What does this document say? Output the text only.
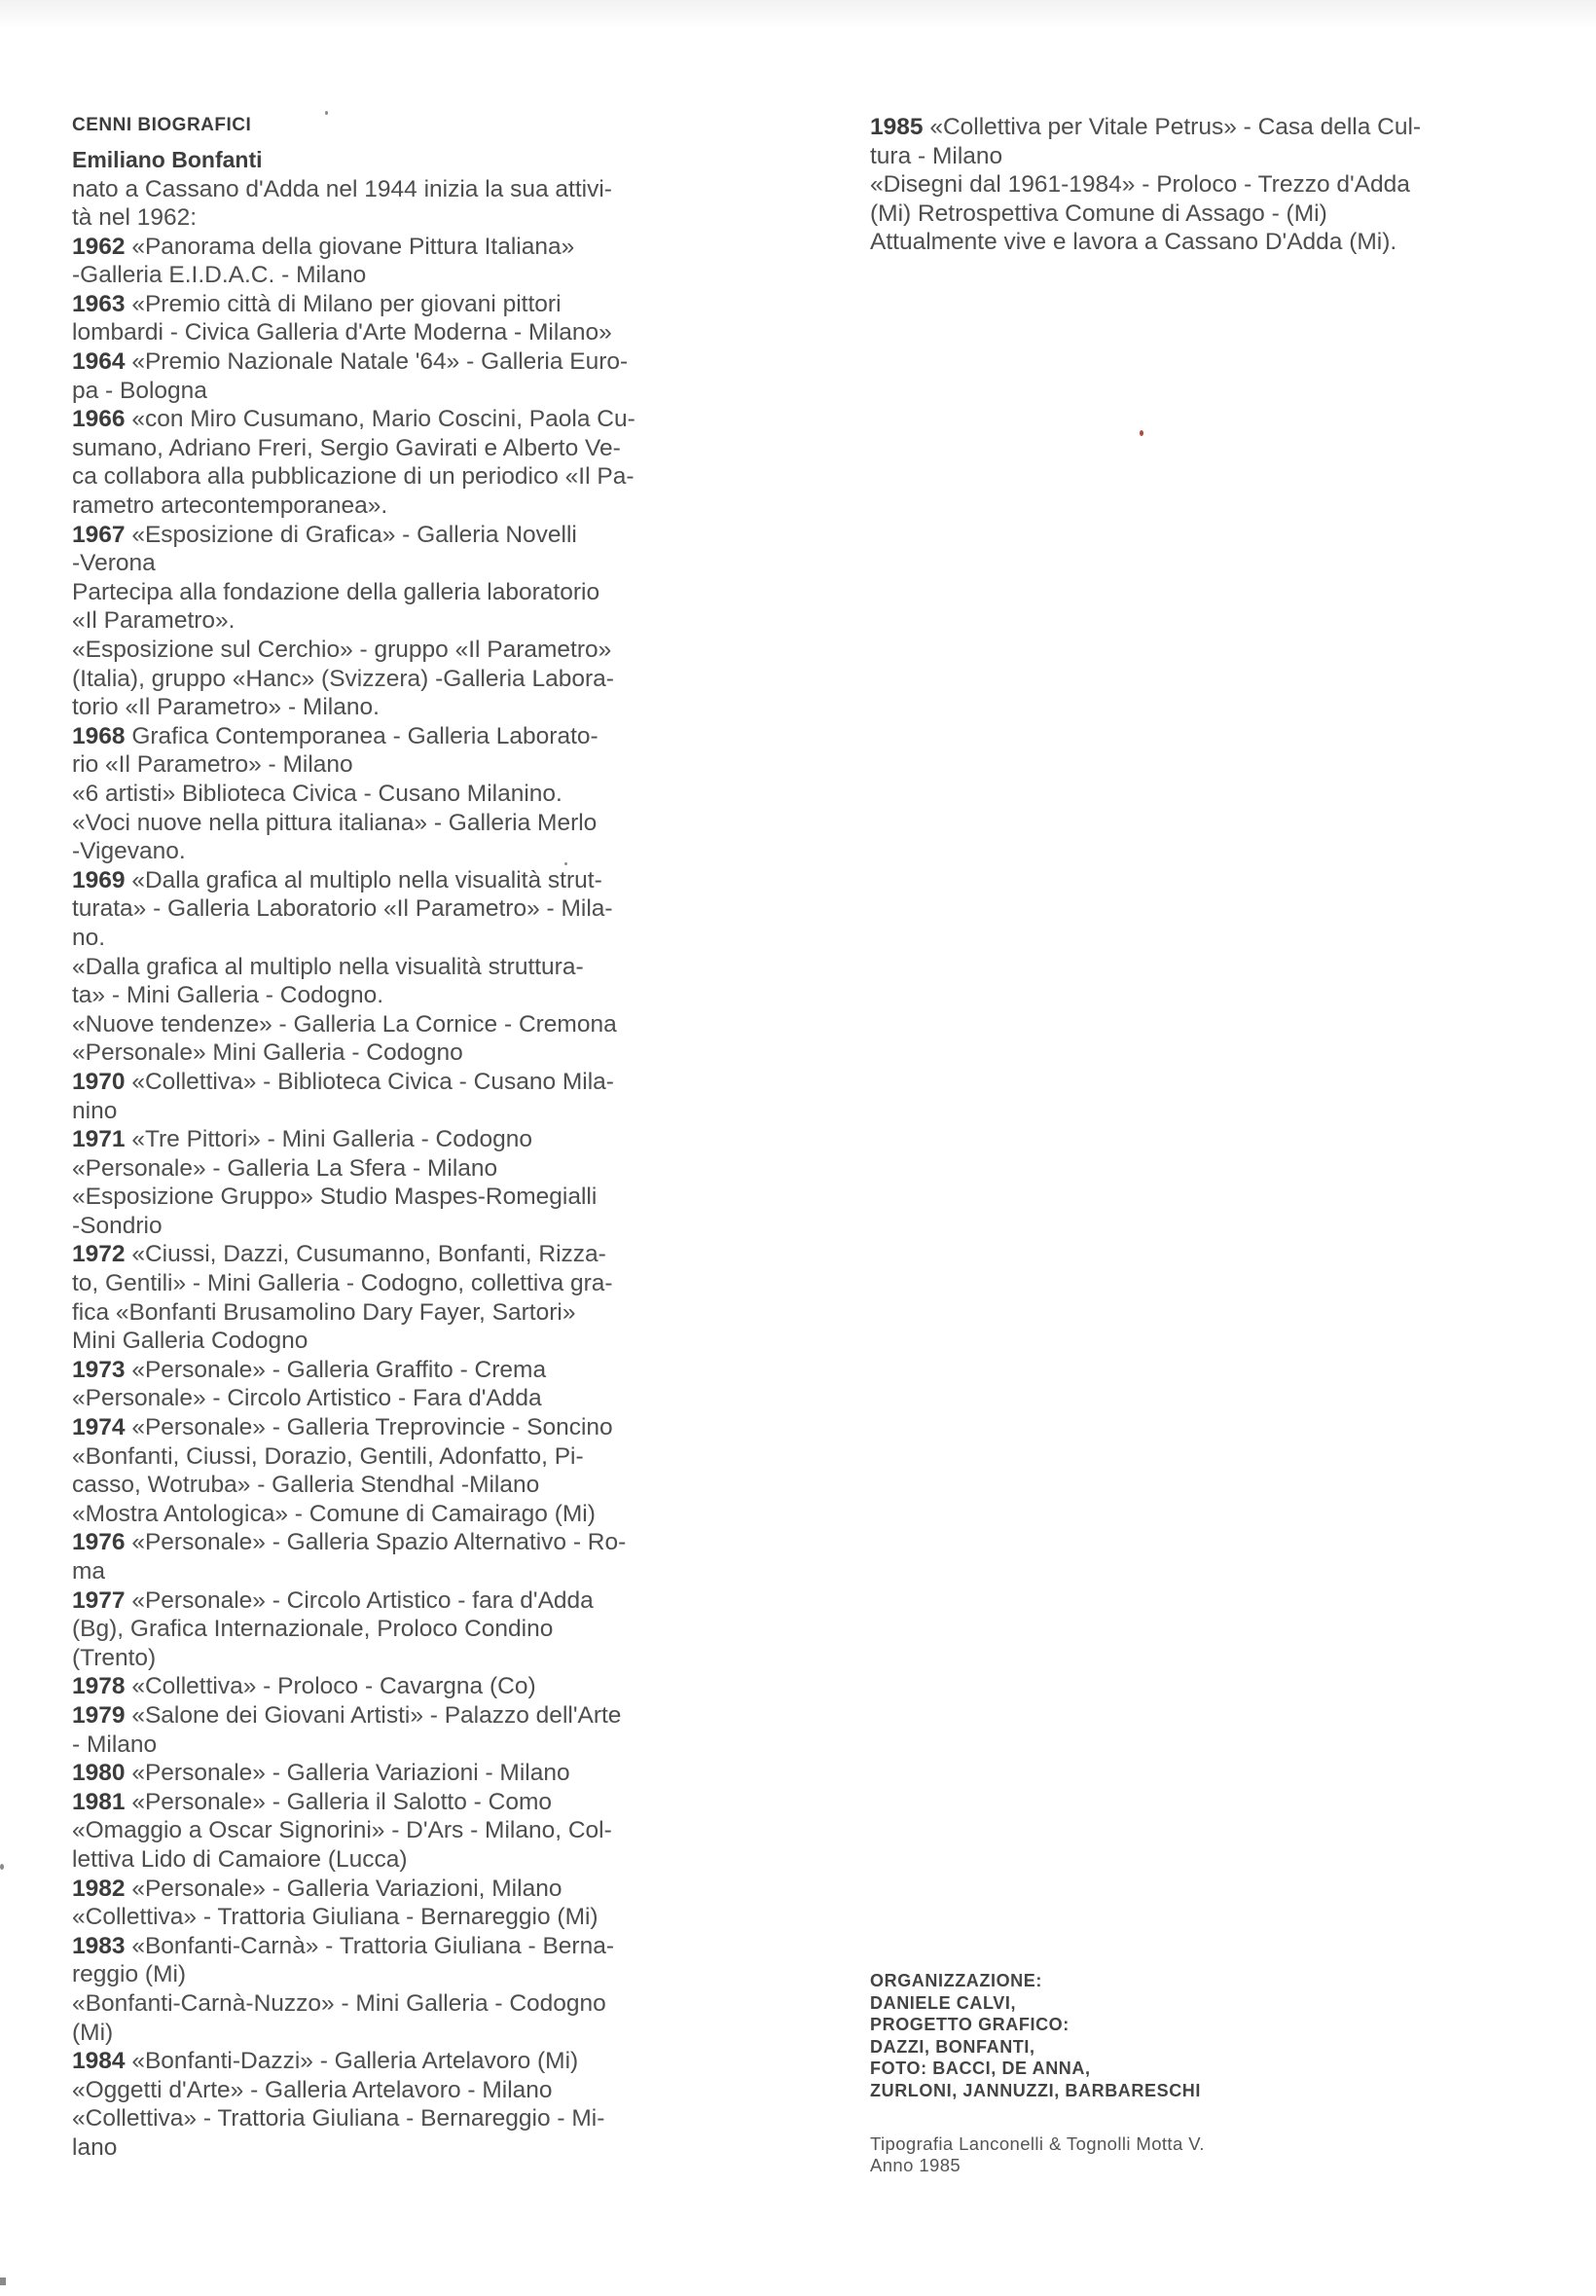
CENNI BIOGRAFICI
Emiliano Bonfanti
nato a Cassano d'Adda nel 1944 inizia la sua attivi-
tà nel 1962:
1962 «Panorama della giovane Pittura Italiana»
-Galleria E.I.D.A.C. - Milano
1963 «Premio città di Milano per giovani pittori
lombardi - Civica Galleria d'Arte Moderna - Milano»
1964 «Premio Nazionale Natale '64» - Galleria Euro-
pa - Bologna
1966 «con Miro Cusumano, Mario Coscini, Paola Cu-
sumano, Adriano Freri, Sergio Gavirati e Alberto Ve-
ca collabora alla pubblicazione di un periodico «Il Pa-
rametro artecontemporanea».
1967 «Esposizione di Grafica» - Galleria Novelli
-Verona
Partecipa alla fondazione della galleria laboratorio
«Il Parametro».
«Esposizione sul Cerchio» - gruppo «Il Parametro»
(Italia), gruppo «Hanc» (Svizzera) -Galleria Labora-
torio «Il Parametro» - Milano.
1968 Grafica Contemporanea - Galleria Laborato-
rio «Il Parametro» - Milano
«6 artisti» Biblioteca Civica - Cusano Milanino.
«Voci nuove nella pittura italiana» - Galleria Merlo
-Vigevano.
1969 «Dalla grafica al multiplo nella visualità strut-
turata» - Galleria Laboratorio «Il Parametro» - Mila-
no.
«Dalla grafica al multiplo nella visualità struttura-
ta» - Mini Galleria - Codogno.
«Nuove tendenze» - Galleria La Cornice - Cremona
«Personale» Mini Galleria - Codogno
1970 «Collettiva» - Biblioteca Civica - Cusano Mila-
nino
1971 «Tre Pittori» - Mini Galleria - Codogno
«Personale» - Galleria La Sfera - Milano
«Esposizione Gruppo» Studio Maspes-Romegialli
-Sondrio
1972 «Ciussi, Dazzi, Cusumanno, Bonfanti, Rizza-
to, Gentili» - Mini Galleria - Codogno, collettiva gra-
fica «Bonfanti Brusamolino Dary Fayer, Sartori»
Mini Galleria Codogno
1973 «Personale» - Galleria Graffito - Crema
«Personale» - Circolo Artistico - Fara d'Adda
1974 «Personale» - Galleria Treprovincie - Soncino
«Bonfanti, Ciussi, Dorazio, Gentili, Adonfatto, Pi-
casso, Wotruba» - Galleria Stendhal -Milano
«Mostra Antologica» - Comune di Camairago (Mi)
1976 «Personale» - Galleria Spazio Alternativo - Ro-
ma
1977 «Personale» - Circolo Artistico - fara d'Adda
(Bg), Grafica Internazionale, Proloco Condino
(Trento)
1978 «Collettiva» - Proloco - Cavargna (Co)
1979 «Salone dei Giovani Artisti» - Palazzo dell'Arte
- Milano
1980 «Personale» - Galleria Variazioni - Milano
1981 «Personale» - Galleria il Salotto - Como
«Omaggio a Oscar Signorini» - D'Ars - Milano, Col-
lettiva Lido di Camaiore (Lucca)
1982 «Personale» - Galleria Variazioni, Milano
«Collettiva» - Trattoria Giuliana - Bernareggio (Mi)
1983 «Bonfanti-Carnà» - Trattoria Giuliana - Berna-
reggio (Mi)
«Bonfanti-Carnà-Nuzzo» - Mini Galleria - Codogno
(Mi)
1984 «Bonfanti-Dazzi» - Galleria Artelavoro (Mi)
«Oggetti d'Arte» - Galleria Artelavoro - Milano
«Collettiva» - Trattoria Giuliana - Bernareggio - Mi-
lano
1985 «Collettiva per Vitale Petrus» - Casa della Cul-
tura - Milano
«Disegni dal 1961-1984» - Proloco - Trezzo d'Adda
(Mi) Retrospettiva Comune di Assago - (Mi)
Attualmente vive e lavora a Cassano D'Adda (Mi).
ORGANIZZAZIONE:
DANIELE CALVI,
PROGETTO GRAFICO:
DAZZI, BONFANTI,
FOTO: BACCI, DE ANNA,
ZURLONI, JANNUZZI, BARBARESCHI
Tipografia Lanconelli & Tognolli Motta V.
Anno 1985
